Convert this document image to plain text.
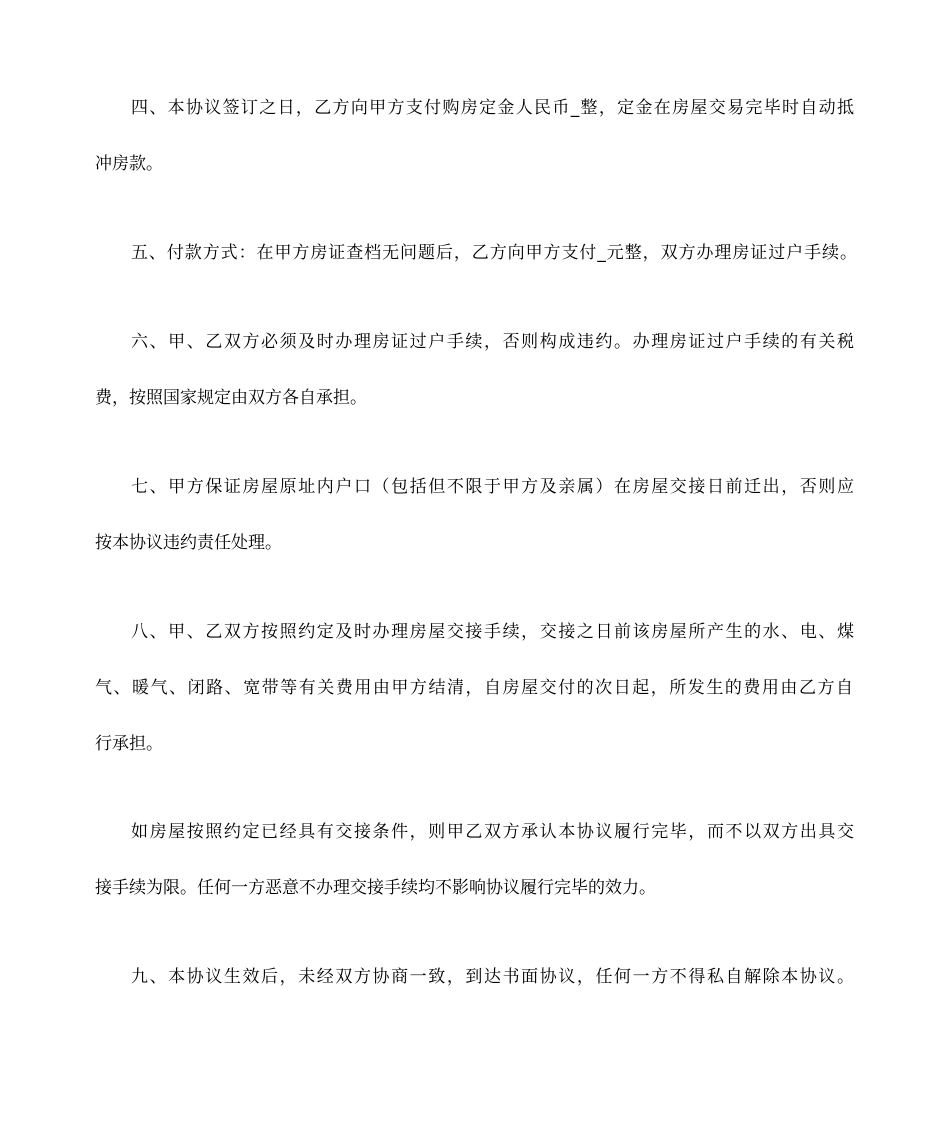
四、本协议签订之日，乙方向甲方支付购房定金人民币_整，定金在房屋交易完毕时自动抵
冲房款。
五、付款方式：在甲方房证查档无问题后，乙方向甲方支付_元整，双方办理房证过户手续。
六、甲、乙双方必须及时办理房证过户手续，否则构成违约。办理房证过户手续的有关税
费，按照国家规定由双方各自承担。
七、甲方保证房屋原址内户口（包括但不限于甲方及亲属）在房屋交接日前迁出，否则应
按本协议违约责任处理。
八、甲、乙双方按照约定及时办理房屋交接手续，交接之日前该房屋所产生的水、电、煤
气、暖气、闭路、宽带等有关费用由甲方结清，自房屋交付的次日起，所发生的费用由乙方自
行承担。
如房屋按照约定已经具有交接条件，则甲乙双方承认本协议履行完毕，而不以双方出具交
接手续为限。任何一方恶意不办理交接手续均不影响协议履行完毕的效力。
九、本协议生效后，未经双方协商一致，到达书面协议，任何一方不得私自解除本协议。
